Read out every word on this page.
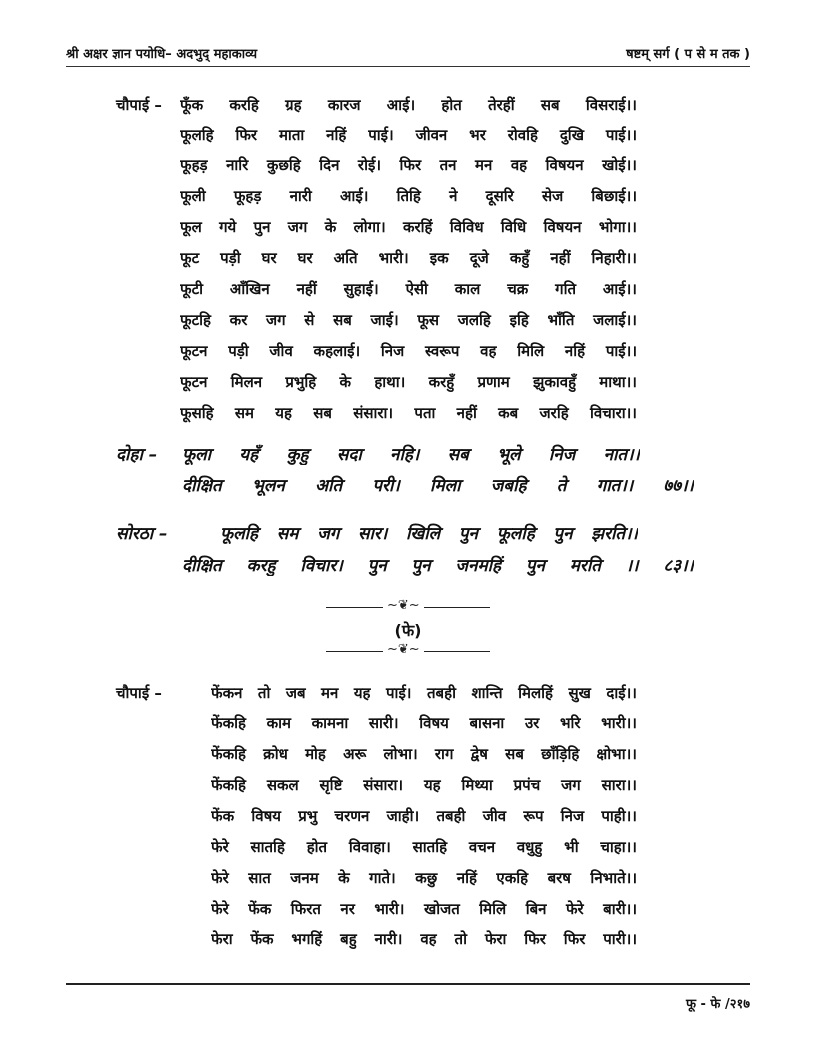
श्री अक्षर ज्ञान पयोधि– अदभुद् महाकाव्य	षष्टम् सर्ग ( प से म तक )
चौपाई – फूँक करहि ग्रह कारज आई। होत तेरहीं सब विसराई।।
फूलहि फिर माता नहिं पाई। जीवन भर रोवहि दुखि पाई।।
फूहड़ नारि कुछहि दिन रोई। फिर तन मन वह विषयन खोई।।
फूली फूहड़ नारी आई। तिहि ने दूसरि सेज बिछाई।।
फूल गये पुन जग के लोगा। करहिं विविध विधि विषयन भोगा।।
फूट पड़ी घर घर अति भारी। इक दूजे कहुँ नहीं निहारी।।
फूटी आँखिन नहीं सुहाई। ऐसी काल चक्र गति आई।।
फूटहि कर जग से सब जाई। फूस जलहि इहि भाँति जलाई।।
फूटन पड़ी जीव कहलाई। निज स्वरूप वह मिलि नहिं पाई।।
फूटन मिलन प्रभुहि के हाथा। करहुँ प्रणाम झुकावहुँ माथा।।
फूसहि सम यह सब संसारा। पता नहीं कब जरहि विचारा।।
दोहा – फूला यहँ कुहु सदा नहि। सब भूले निज नात।।
दीक्षित भूलन अति परी। मिला जबहि ते गात।। ७७।।
सोरठा –	फूलहि सम जग सार। खिलि पुन फूलहि पुन झरति।।
दीक्षित करहु विचार। पुन पुन जनमहिं पुन मरति ।। ८३।।
~❦~
(फे)
~❦~
चौपाई –	फेंकन तो जब मन यह पाई। तबही शान्ति मिलहिं सुख दाई।।
फेंकहि काम कामना सारी। विषय बासना उर भरि भारी।।
फेंकहि क्रोध मोह अरू लोभा। राग द्वेष सब छाँड़िहि क्षोभा।।
फेंकहि सकल सृष्टि संसारा। यह मिथ्या प्रपंच जग सारा।।
फेंक विषय प्रभु चरणन जाही। तबही जीव रूप निज पाही।।
फेरे सातहि होत विवाहा। सातहि वचन वधुहु भी चाहा।।
फेरे सात जनम के गाते। कछु नहिं एकहि बरष निभाते।।
फेरे फेंक फिरत नर भारी। खोजत मिलि बिन फेरे बारी।।
फेरा फेंक भगहिं बहु नारी। वह तो फेरा फिर फिर पारी।।
फू - फे /२१७
